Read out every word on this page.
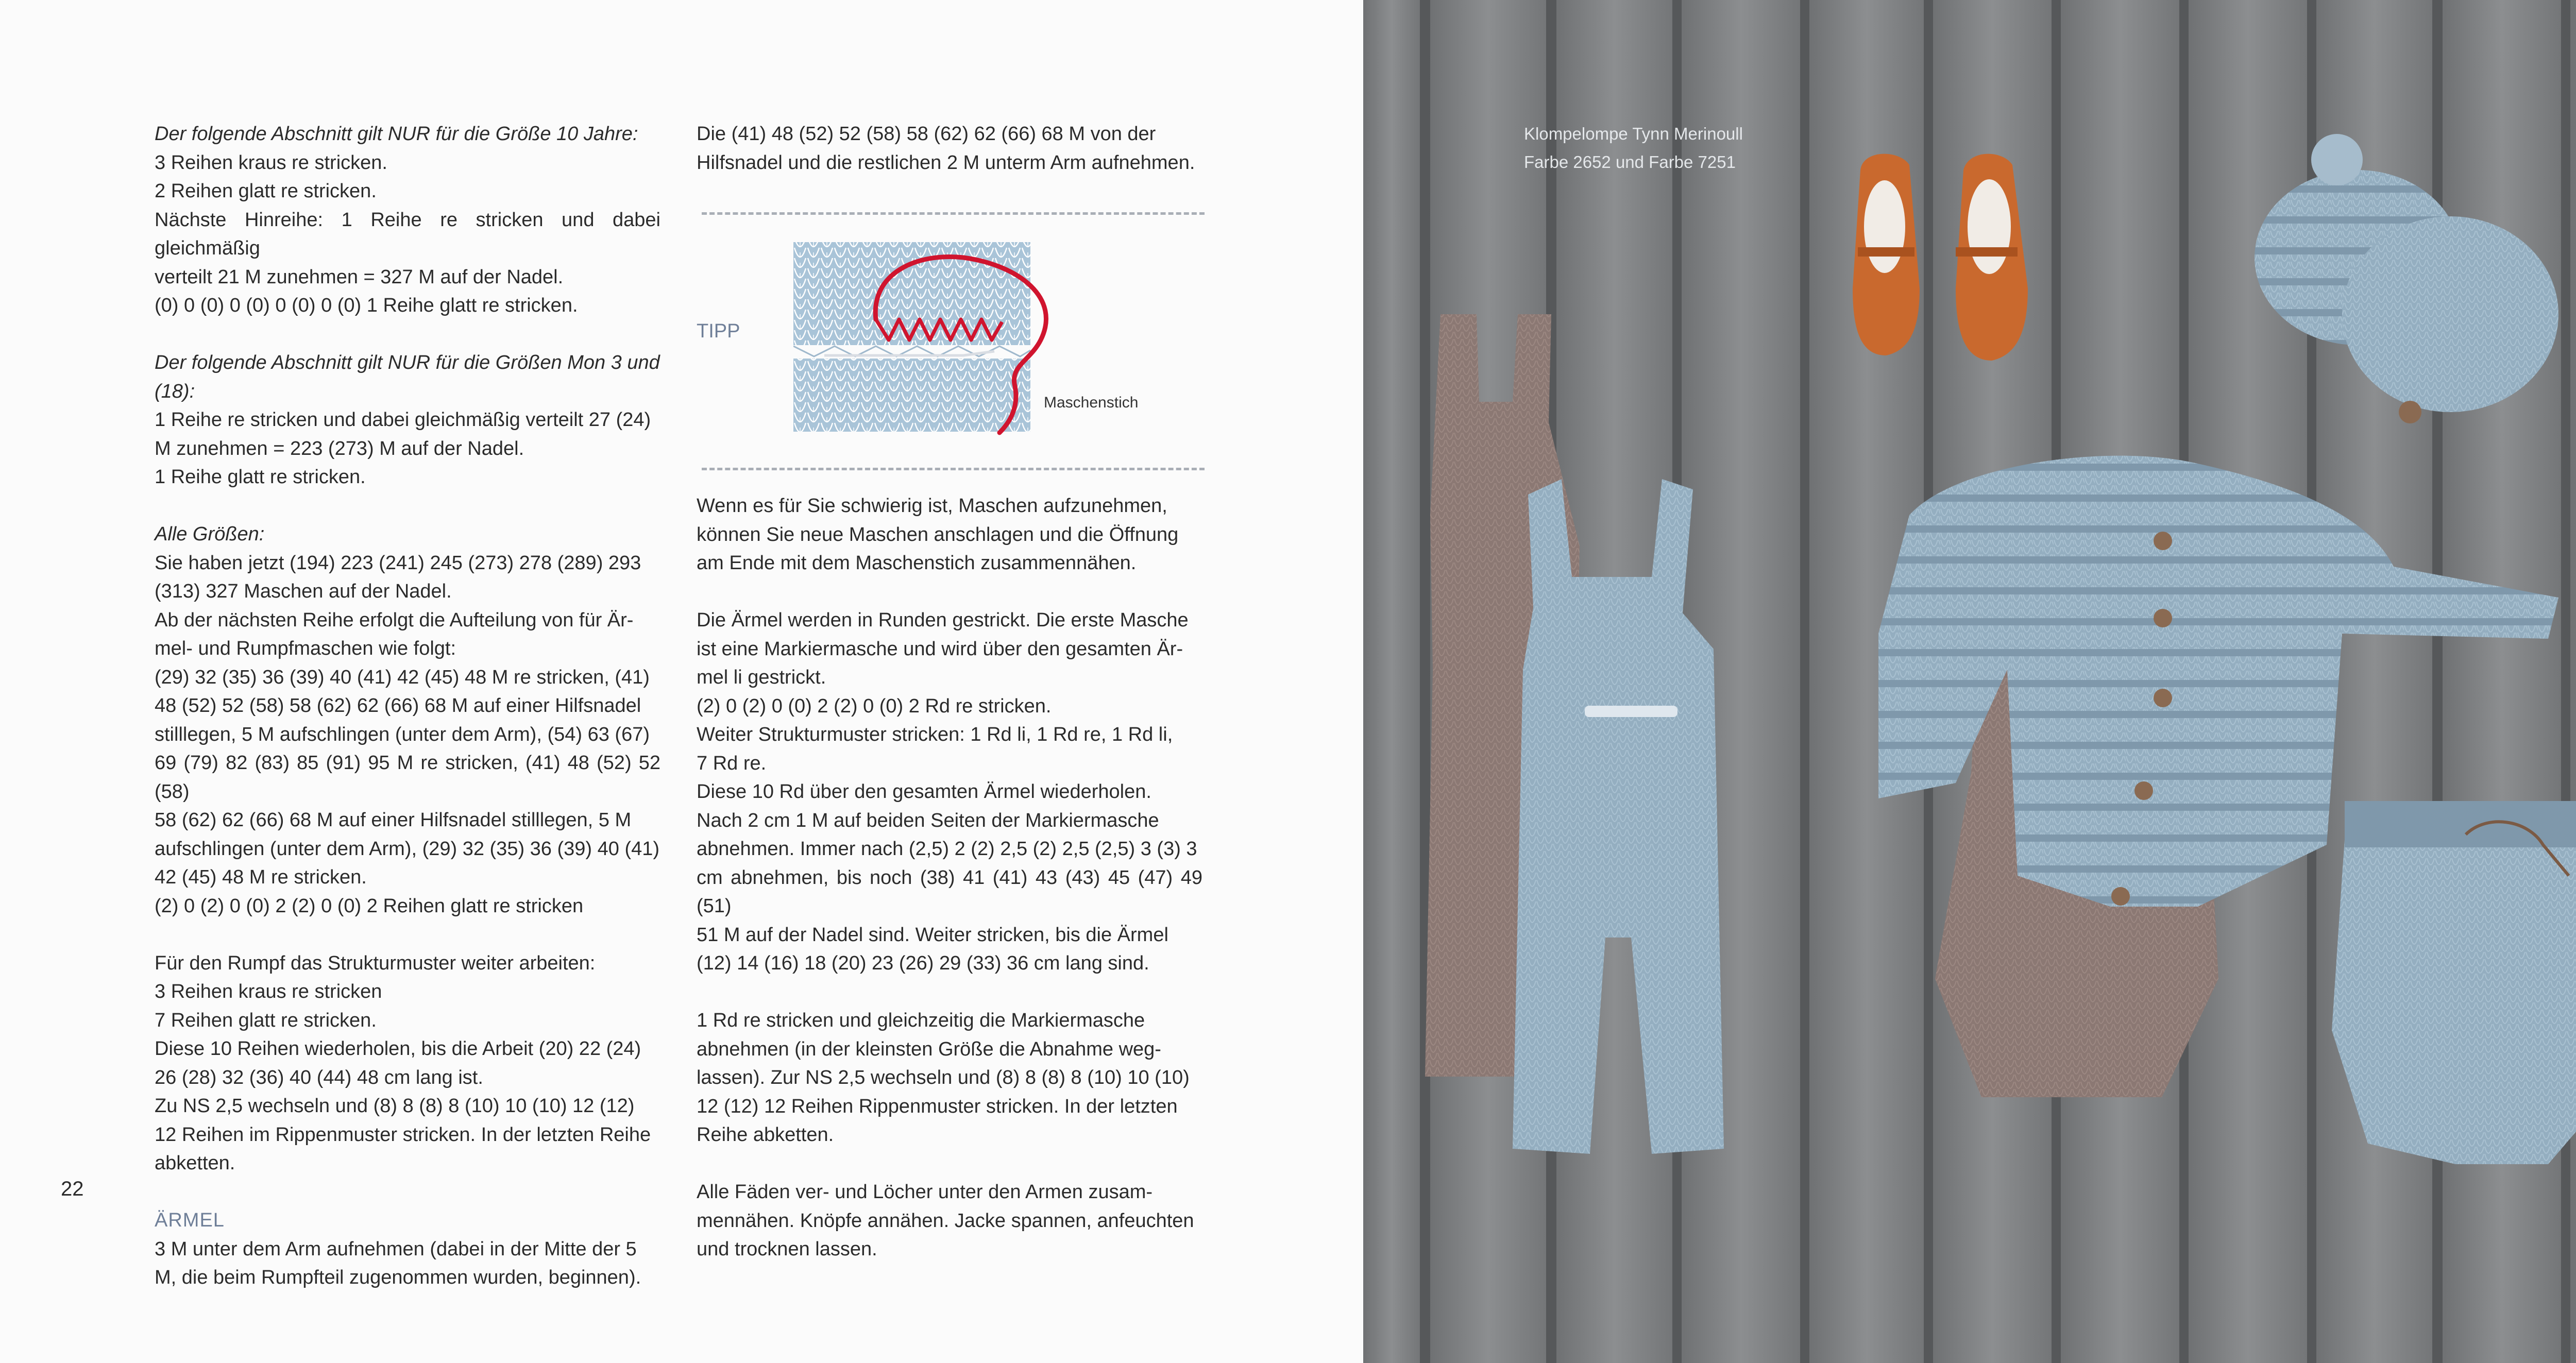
Der folgende Abschnitt gilt NUR für die Größe 10 Jahre:

3 Reihen kraus re stricken.

2 Reihen glatt re stricken.

Nächste Hinreihe: 1 Reihe re stricken und dabei gleichmäßig

verteilt 21 M zunehmen = 327 M auf der Nadel.

(0) 0 (0) 0 (0) 0 (0) 0 (0) 1 Reihe glatt re stricken.

Der folgende Abschnitt gilt NUR für die Größen Mon 3 und

(18):

1 Reihe re stricken und dabei gleichmäßig verteilt 27 (24)

M zunehmen = 223 (273) M auf der Nadel.

1 Reihe glatt re stricken.

Alle Größen:

Sie haben jetzt (194) 223 (241) 245 (273) 278 (289) 293

(313) 327 Maschen auf der Nadel.

Ab der nächsten Reihe erfolgt die Aufteilung von für Är-

mel- und Rumpfmaschen wie folgt:

(29) 32 (35) 36 (39) 40 (41) 42 (45) 48 M re stricken, (41)

48 (52) 52 (58) 58 (62) 62 (66) 68 M auf einer Hilfsnadel

stilllegen, 5 M aufschlingen (unter dem Arm), (54) 63 (67)

69 (79) 82 (83) 85 (91) 95 M re stricken, (41) 48 (52) 52 (58)

58 (62) 62 (66) 68 M auf einer Hilfsnadel stilllegen, 5 M

aufschlingen (unter dem Arm), (29) 32 (35) 36 (39) 40 (41)

42 (45) 48 M re stricken.

(2) 0 (2) 0 (0) 2 (2) 0 (0) 2 Reihen glatt re stricken

Für den Rumpf das Strukturmuster weiter arbeiten:

3 Reihen kraus re stricken

7 Reihen glatt re stricken.

Diese 10 Reihen wiederholen, bis die Arbeit (20) 22 (24)

26 (28) 32 (36) 40 (44) 48 cm lang ist.

Zu NS 2,5 wechseln und (8) 8 (8) 8 (10) 10 (10) 12 (12)

12 Reihen im Rippenmuster stricken. In der letzten Reihe

abketten.

ÄRMEL

3 M unter dem Arm aufnehmen (dabei in der Mitte der 5

M, die beim Rumpfteil zugenommen wurden, beginnen).

Die (41) 48 (52) 52 (58) 58 (62) 62 (66) 68 M von der

Hilfsnadel und die restlichen 2 M unterm Arm aufnehmen.

TIPP
Maschenstich

Wenn es für Sie schwierig ist, Maschen aufzunehmen,

können Sie neue Maschen anschlagen und die Öffnung

am Ende mit dem Maschenstich zusammennähen.

Die Ärmel werden in Runden gestrickt. Die erste Masche

ist eine Markiermasche und wird über den gesamten Är-

mel li gestrickt.

(2) 0 (2) 0 (0) 2 (2) 0 (0) 2 Rd re stricken.

Weiter Strukturmuster stricken: 1 Rd li, 1 Rd re, 1 Rd li,

7 Rd re.

Diese 10 Rd über den gesamten Ärmel wiederholen.

Nach 2 cm 1 M auf beiden Seiten der Markiermasche

abnehmen. Immer nach (2,5) 2 (2) 2,5 (2) 2,5 (2,5) 3 (3) 3

cm abnehmen, bis noch (38) 41 (41) 43 (43) 45 (47) 49 (51)

51 M auf der Nadel sind. Weiter stricken, bis die Ärmel

(12) 14 (16) 18 (20) 23 (26) 29 (33) 36 cm lang sind.

1 Rd re stricken und gleichzeitig die Markiermasche

abnehmen (in der kleinsten Größe die Abnahme weg-

lassen). Zur NS 2,5 wechseln und (8) 8 (8) 8 (10) 10 (10)

12 (12) 12 Reihen Rippenmuster stricken. In der letzten

Reihe abketten.

Alle Fäden ver- und Löcher unter den Armen zusam-

mennähen. Knöpfe annähen. Jacke spannen, anfeuchten

und trocknen lassen.

22

Klompelompe Tynn Merinoull

Farbe 2652 und Farbe 7251
